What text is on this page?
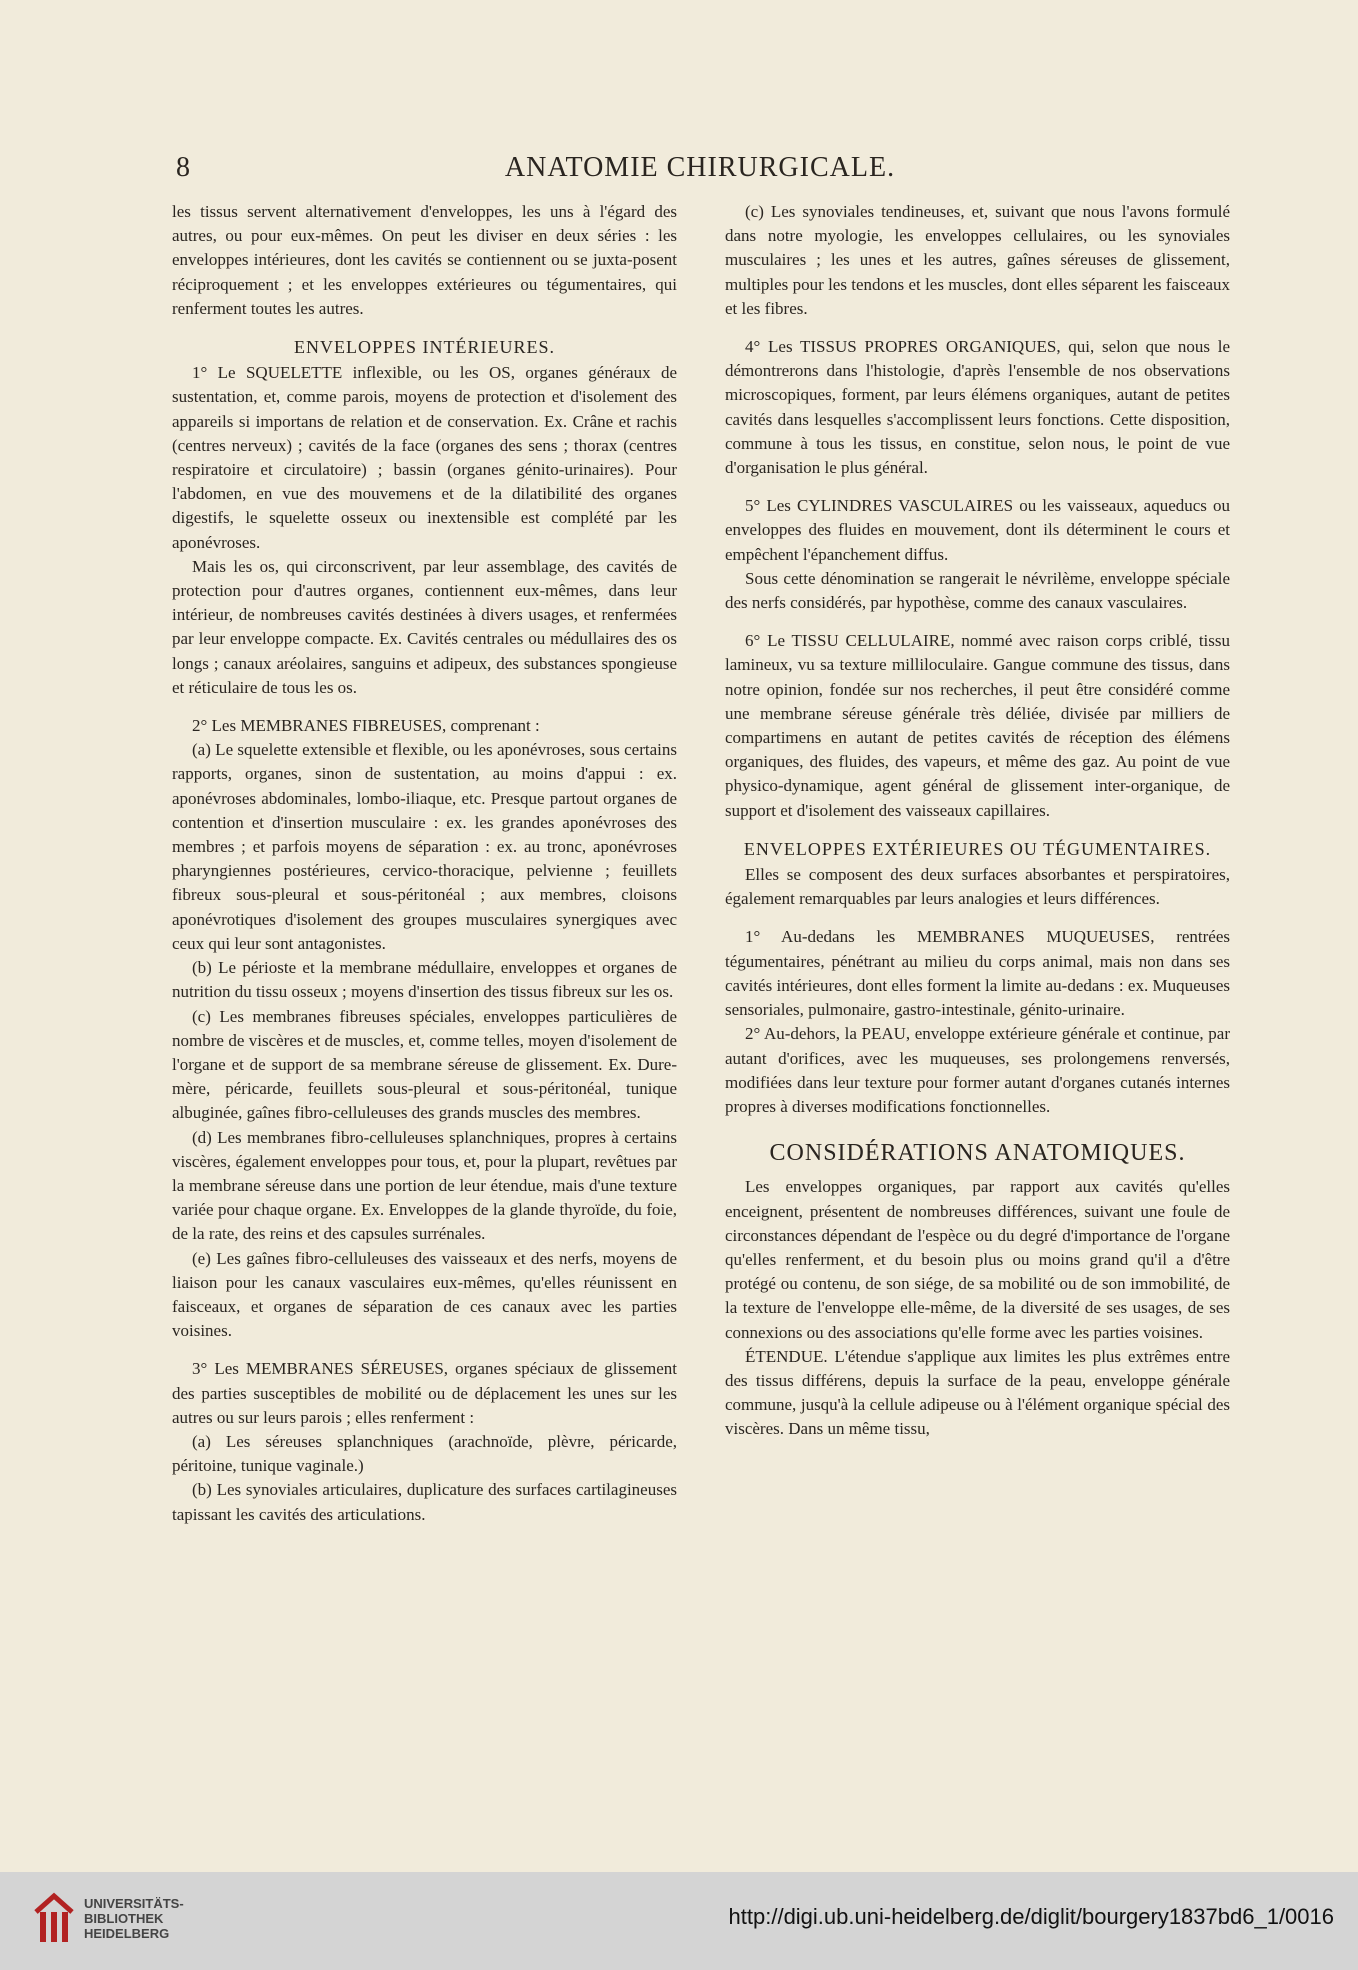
8	ANATOMIE CHIRURGICALE.

les tissus servent alternativement d'enveloppes, les uns à l'égard des autres, ou pour eux-mêmes. On peut les diviser en deux séries : les enveloppes intérieures, dont les cavités se contiennent ou se juxta-posent réciproquement ; et les enveloppes extérieures ou tégumentaires, qui renferment toutes les autres.

ENVELOPPES INTÉRIEURES.

1° Le SQUELETTE inflexible, ou les OS, organes généraux de sustentation, et, comme parois, moyens de protection et d'isolement des appareils si importans de relation et de conservation. Ex. Crâne et rachis (centres nerveux) ; cavités de la face (organes des sens ; thorax (centres respiratoire et circulatoire) ; bassin (organes génito-urinaires). Pour l'abdomen, en vue des mouvemens et de la dilatibilité des organes digestifs, le squelette osseux ou inextensible est complété par les aponévroses.

Mais les os, qui circonscrivent, par leur assemblage, des cavités de protection pour d'autres organes, contiennent eux-mêmes, dans leur intérieur, de nombreuses cavités destinées à divers usages, et renfermées par leur enveloppe compacte. Ex. Cavités centrales ou médullaires des os longs ; canaux aréolaires, sanguins et adipeux, des substances spongieuse et réticulaire de tous les os.

2° Les MEMBRANES FIBREUSES, comprenant :

(a) Le squelette extensible et flexible, ou les aponévroses, sous certains rapports, organes, sinon de sustentation, au moins d'appui : ex. aponévroses abdominales, lombo-iliaque, etc. Presque partout organes de contention et d'insertion musculaire : ex. les grandes aponévroses des membres ; et parfois moyens de séparation : ex. au tronc, aponévroses pharyngiennes postérieures, cervico-thoracique, pelvienne ; feuillets fibreux sous-pleural et sous-péritonéal ; aux membres, cloisons aponévrotiques d'isolement des groupes musculaires synergiques avec ceux qui leur sont antagonistes.

(b) Le périoste et la membrane médullaire, enveloppes et organes de nutrition du tissu osseux ; moyens d'insertion des tissus fibreux sur les os.

(c) Les membranes fibreuses spéciales, enveloppes particulières de nombre de viscères et de muscles, et, comme telles, moyen d'isolement de l'organe et de support de sa membrane séreuse de glissement. Ex. Dure-mère, péricarde, feuillets sous-pleural et sous-péritonéal, tunique albuginée, gaînes fibro-celluleuses des grands muscles des membres.

(d) Les membranes fibro-celluleuses splanchniques, propres à certains viscères, également enveloppes pour tous, et, pour la plupart, revêtues par la membrane séreuse dans une portion de leur étendue, mais d'une texture variée pour chaque organe. Ex. Enveloppes de la glande thyroïde, du foie, de la rate, des reins et des capsules surrénales.

(e) Les gaînes fibro-celluleuses des vaisseaux et des nerfs, moyens de liaison pour les canaux vasculaires eux-mêmes, qu'elles réunissent en faisceaux, et organes de séparation de ces canaux avec les parties voisines.

3° Les MEMBRANES SÉREUSES, organes spéciaux de glissement des parties susceptibles de mobilité ou de déplacement les unes sur les autres ou sur leurs parois ; elles renferment :

(a) Les séreuses splanchniques (arachnoïde, plèvre, péricarde, péritoine, tunique vaginale.)

(b) Les synoviales articulaires, duplicature des surfaces cartilagineuses tapissant les cavités des articulations.

(c) Les synoviales tendineuses, et, suivant que nous l'avons formulé dans notre myologie, les enveloppes cellulaires, ou les synoviales musculaires ; les unes et les autres, gaînes séreuses de glissement, multiples pour les tendons et les muscles, dont elles séparent les faisceaux et les fibres.

4° Les TISSUS PROPRES ORGANIQUES, qui, selon que nous le démontrerons dans l'histologie, d'après l'ensemble de nos observations microscopiques, forment, par leurs élémens organiques, autant de petites cavités dans lesquelles s'accomplissent leurs fonctions. Cette disposition, commune à tous les tissus, en constitue, selon nous, le point de vue d'organisation le plus général.

5° Les CYLINDRES VASCULAIRES ou les vaisseaux, aqueducs ou enveloppes des fluides en mouvement, dont ils déterminent le cours et empêchent l'épanchement diffus.

Sous cette dénomination se rangerait le névrilème, enveloppe spéciale des nerfs considérés, par hypothèse, comme des canaux vasculaires.

6° Le TISSU CELLULAIRE, nommé avec raison corps criblé, tissu lamineux, vu sa texture milliloculaire. Gangue commune des tissus, dans notre opinion, fondée sur nos recherches, il peut être considéré comme une membrane séreuse générale très déliée, divisée par milliers de compartimens en autant de petites cavités de réception des élémens organiques, des fluides, des vapeurs, et même des gaz. Au point de vue physico-dynamique, agent général de glissement inter-organique, de support et d'isolement des vaisseaux capillaires.

ENVELOPPES EXTÉRIEURES OU TÉGUMENTAIRES.

Elles se composent des deux surfaces absorbantes et perspiratoires, également remarquables par leurs analogies et leurs différences.

1° Au-dedans les MEMBRANES MUQUEUSES, rentrées tégumentaires, pénétrant au milieu du corps animal, mais non dans ses cavités intérieures, dont elles forment la limite au-dedans : ex. Muqueuses sensoriales, pulmonaire, gastro-intestinale, génito-urinaire.

2° Au-dehors, la PEAU, enveloppe extérieure générale et continue, par autant d'orifices, avec les muqueuses, ses prolongemens renversés, modifiées dans leur texture pour former autant d'organes cutanés internes propres à diverses modifications fonctionnelles.

CONSIDÉRATIONS ANATOMIQUES.

Les enveloppes organiques, par rapport aux cavités qu'elles enceignent, présentent de nombreuses différences, suivant une foule de circonstances dépendant de l'espèce ou du degré d'importance de l'organe qu'elles renferment, et du besoin plus ou moins grand qu'il a d'être protégé ou contenu, de son siége, de sa mobilité ou de son immobilité, de la texture de l'enveloppe elle-même, de la diversité de ses usages, de ses connexions ou des associations qu'elle forme avec les parties voisines.

ÉTENDUE. L'étendue s'applique aux limites les plus extrêmes entre des tissus différens, depuis la surface de la peau, enveloppe générale commune, jusqu'à la cellule adipeuse ou à l'élément organique spécial des viscères. Dans un même tissu,

UNIVERSITÄTS-
BIBLIOTHEK
HEIDELBERG
http://digi.ub.uni-heidelberg.de/diglit/bourgery1837bd6_1/0016
